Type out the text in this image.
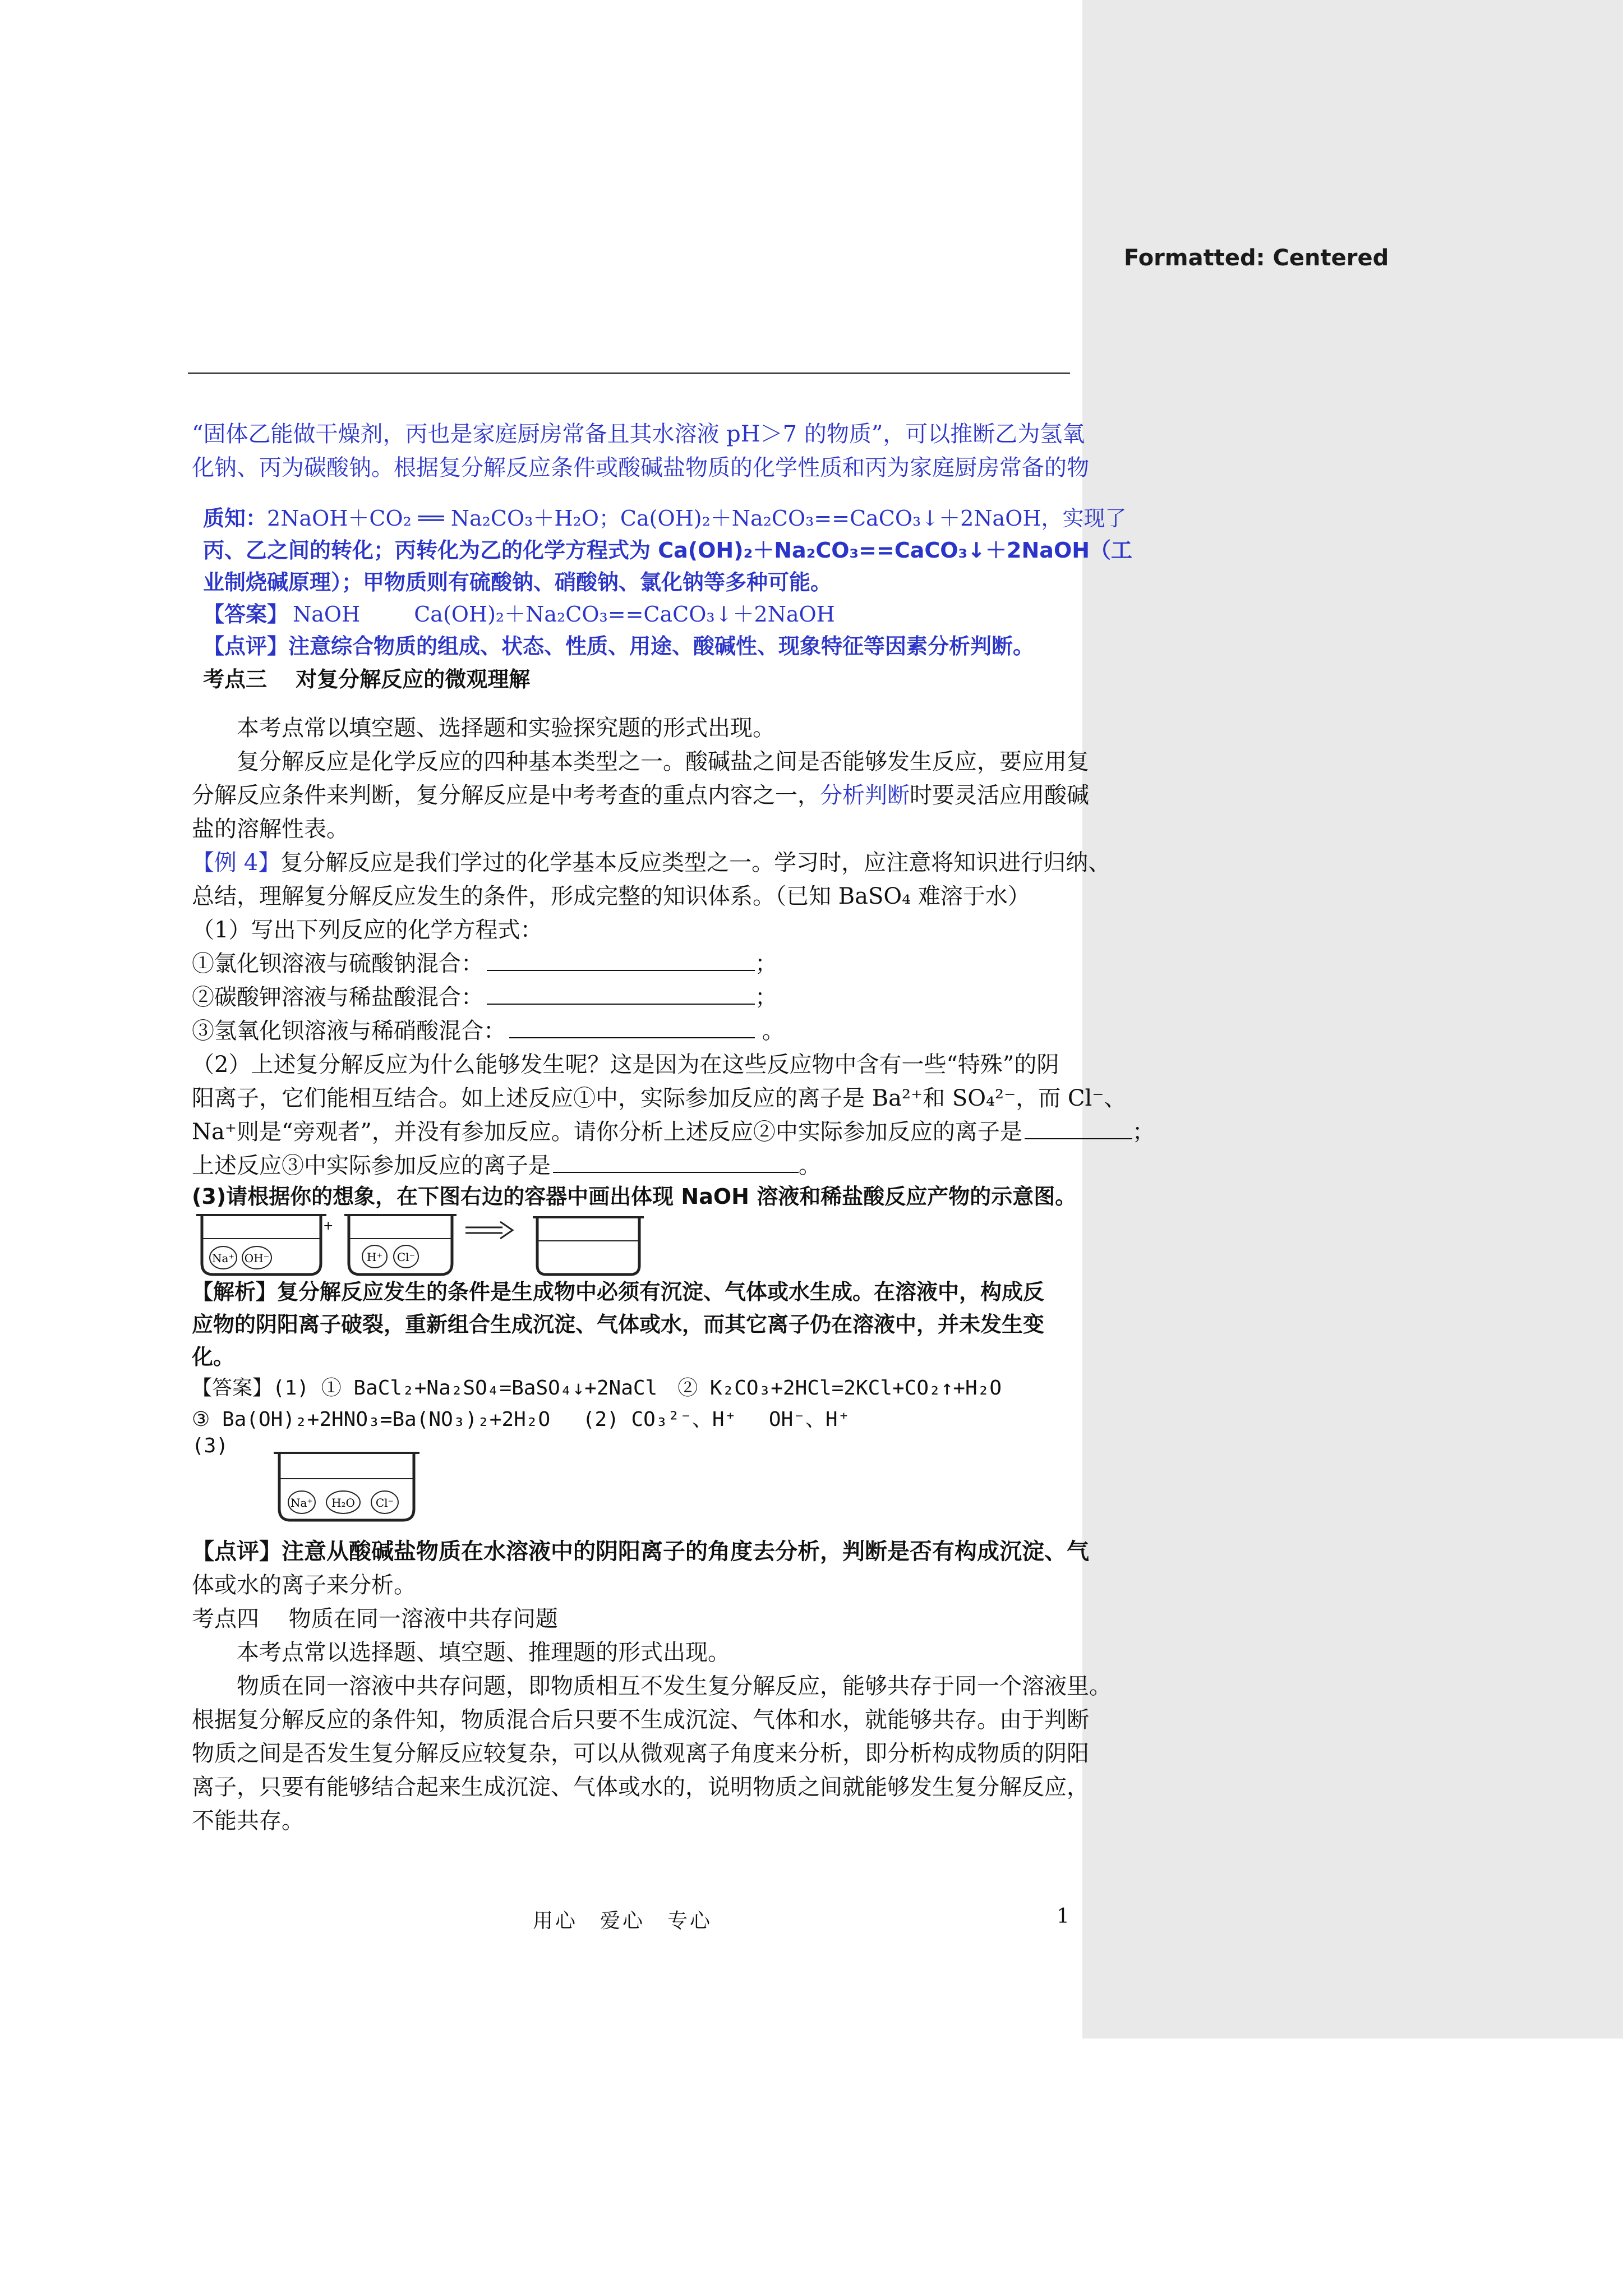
Formatted: Centered
“固体乙能做干燥剂，丙也是家庭厨房常备且其水溶液 pH＞7 的物质”，可以推断乙为氢氧
化钠、丙为碳酸钠。根据复分解反应条件或酸碱盐物质的化学性质和丙为家庭厨房常备的物
质知：2NaOH＋CO₂ ══ Na₂CO₃＋H₂O；Ca(OH)₂＋Na₂CO₃==CaCO₃↓＋2NaOH，实现了
丙、乙之间的转化；丙转化为乙的化学方程式为 Ca(OH)₂＋Na₂CO₃==CaCO₃↓＋2NaOH（工
业制烧碱原理）；甲物质则有硫酸钠、硝酸钠、氯化钠等多种可能。
【答案】 NaOH	Ca(OH)₂＋Na₂CO₃==CaCO₃↓＋2NaOH
【点评】注意综合物质的组成、状态、性质、用途、酸碱性、现象特征等因素分析判断。
考点三　 对复分解反应的微观理解
本考点常以填空题、选择题和实验探究题的形式出现。
复分解反应是化学反应的四种基本类型之一。酸碱盐之间是否能够发生反应，要应用复
分解反应条件来判断，复分解反应是中考考查的重点内容之一，分析判断时要灵活应用酸碱
盐的溶解性表。
【例 4】复分解反应是我们学过的化学基本反应类型之一。学习时，应注意将知识进行归纳、
总结，理解复分解反应发生的条件，形成完整的知识体系。（已知 BaSO₄ 难溶于水）
（1）写出下列反应的化学方程式：
①氯化钡溶液与硫酸钠混合：	；
②碳酸钾溶液与稀盐酸混合：	；
③氢氧化钡溶液与稀硝酸混合：	。
（2）上述复分解反应为什么能够发生呢？这是因为在这些反应物中含有一些“特殊”的阴
阳离子，它们能相互结合。如上述反应①中，实际参加反应的离子是 Ba²⁺和 SO₄²⁻，而 Cl⁻、
Na⁺则是“旁观者”，并没有参加反应。请你分析上述反应②中实际参加反应的离子是	；
上述反应③中实际参加反应的离子是	。
(3)请根据你的想象，在下图右边的容器中画出体现 NaOH 溶液和稀盐酸反应产物的示意图。
Na⁺ OH⁻
+
H⁺ Cl⁻
【解析】复分解反应发生的条件是生成物中必须有沉淀、气体或水生成。在溶液中，构成反
应物的阴阳离子破裂，重新组合生成沉淀、气体或水，而其它离子仍在溶液中，并未发生变
化。
【答案】(1) ① BaCl₂+Na₂SO₄=BaSO₄↓+2NaCl　② K₂CO₃+2HCl=2KCl+CO₂↑+H₂O
③ Ba(OH)₂+2HNO₃=Ba(NO₃)₂+2H₂O　 (2) CO₃²⁻、H⁺　 OH⁻、H⁺
(3)
Na⁺ H₂O Cl⁻
【点评】注意从酸碱盐物质在水溶液中的阴阳离子的角度去分析，判断是否有构成沉淀、气
体或水的离子来分析。
考点四　 物质在同一溶液中共存问题
本考点常以选择题、填空题、推理题的形式出现。
物质在同一溶液中共存问题，即物质相互不发生复分解反应，能够共存于同一个溶液里。
根据复分解反应的条件知，物质混合后只要不生成沉淀、气体和水，就能够共存。由于判断
物质之间是否发生复分解反应较复杂，可以从微观离子角度来分析，即分析构成物质的阴阳
离子，只要有能够结合起来生成沉淀、气体或水的，说明物质之间就能够发生复分解反应，
不能共存。
用心　爱心　专心	1
